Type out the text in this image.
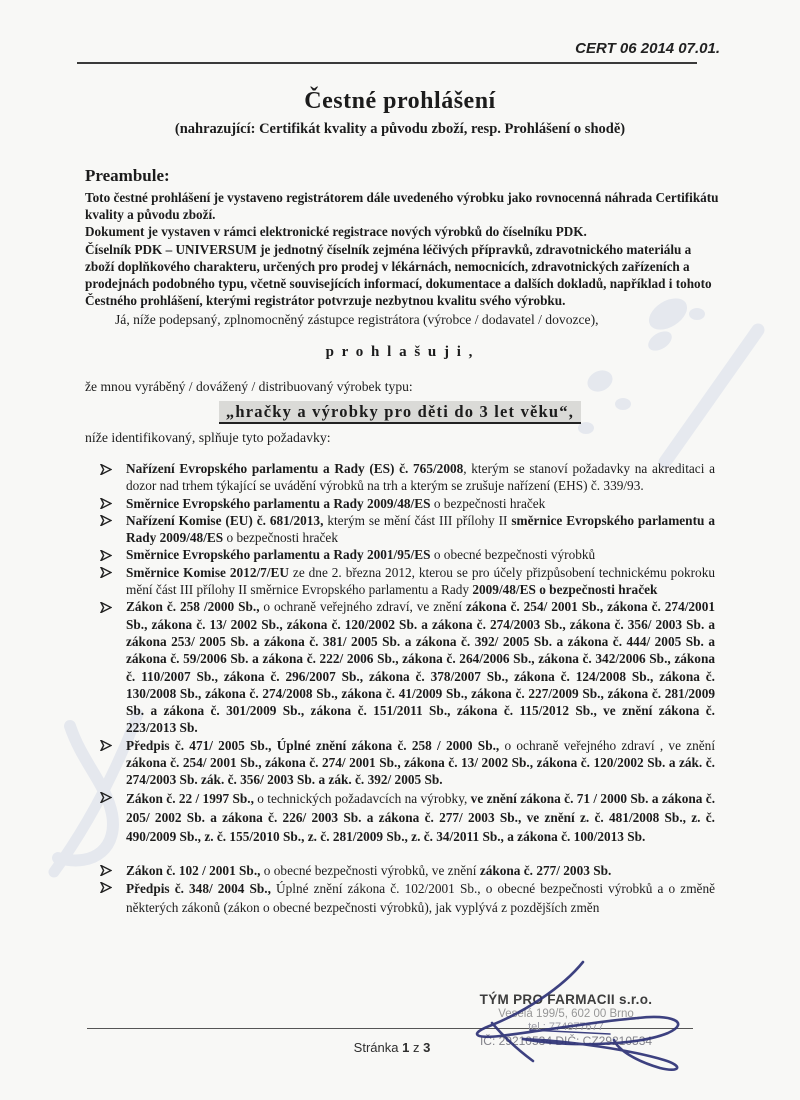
CERT 06 2014 07.01.
Čestné prohlášení
(nahrazující: Certifikát kvality a původu zboží, resp. Prohlášení o shodě)
Preambule:
Toto čestné prohlášení je vystaveno registrátorem dále uvedeného výrobku jako rovnocenná náhrada Certifikátu kvality a původu zboží.
Dokument je vystaven v rámci elektronické registrace nových výrobků do číselníku PDK.
Číselník PDK – UNIVERSUM je jednotný číselník zejména léčivých přípravků, zdravotnického materiálu a zboží doplňkového charakteru, určených pro prodej v lékárnách, nemocnicích, zdravotnických zařízeních a prodejnách podobného typu, včetně souvisejících informací, dokumentace a dalších dokladů, například i tohoto Čestného prohlášení, kterými registrátor potvrzuje nezbytnou kvalitu svého výrobku.

Já, níže podepsaný, zplnomocněný zástupce registrátora (výrobce / dodavatel / dovozce),

p r o h l a š u j i ,

že mnou vyráběný / dovážený / distribuovaný výrobek typu:

„hračky a výrobky pro děti do 3 let věku“,

níže identifikovaný, splňuje tyto požadavky:

Nařízení Evropského parlamentu a Rady (ES) č. 765/2008, kterým se stanoví požadavky na akreditaci a dozor nad trhem týkající se uvádění výrobků na trh a kterým se zrušuje nařízení (EHS) č. 339/93.
Směrnice Evropského parlamentu a Rady 2009/48/ES o bezpečnosti hraček
Nařízení Komise (EU) č. 681/2013, kterým se mění část III přílohy II směrnice Evropského parlamentu a Rady 2009/48/ES o bezpečnosti hraček
Směrnice Evropského parlamentu a Rady 2001/95/ES o obecné bezpečnosti výrobků
Směrnice Komise 2012/7/EU ze dne 2. března 2012, kterou se pro účely přizpůsobení technickému pokroku mění část III přílohy II směrnice Evropského parlamentu a Rady 2009/48/ES o bezpečnosti hraček
Zákon č. 258 /2000 Sb., o ochraně veřejného zdraví, ve znění zákona č. 254/ 2001 Sb., zákona č. 274/2001 Sb., zákona č. 13/ 2002 Sb., zákona č. 120/2002 Sb. a zákona č. 274/2003 Sb., zákona č. 356/ 2003 Sb. a zákona 253/ 2005 Sb. a zákona č. 381/ 2005 Sb. a zákona č. 392/ 2005 Sb. a zákona č. 444/ 2005 Sb. a zákona č. 59/2006 Sb. a zákona č. 222/ 2006 Sb., zákona č. 264/2006 Sb., zákona č. 342/2006 Sb., zákona č. 110/2007 Sb., zákona č. 296/2007 Sb., zákona č. 378/2007 Sb., zákona č. 124/2008 Sb., zákona č. 130/2008 Sb., zákona č. 274/2008 Sb., zákona č. 41/2009 Sb., zákona č. 227/2009 Sb., zákona č. 281/2009 Sb. a zákona č. 301/2009 Sb., zákona č. 151/2011 Sb., zákona č. 115/2012 Sb., ve znění zákona č. 223/2013 Sb.
Předpis č. 471/ 2005 Sb., Úplné znění zákona č. 258 / 2000 Sb., o ochraně veřejného zdraví , ve znění zákona č. 254/ 2001 Sb., zákona č. 274/ 2001 Sb., zákona č. 13/ 2002 Sb., zákona č. 120/2002 Sb. a zák. č. 274/2003 Sb. zák. č. 356/ 2003 Sb. a zák. č. 392/ 2005 Sb.
Zákon č. 22 / 1997 Sb., o technických požadavcích na výrobky, ve znění zákona č. 71 / 2000 Sb. a zákona č. 205/ 2002 Sb. a zákona č. 226/ 2003 Sb. a zákona č. 277/ 2003 Sb., ve znění z. č. 481/2008 Sb., z. č. 490/2009 Sb., z. č. 155/2010 Sb., z. č. 281/2009 Sb., z. č. 34/2011 Sb., a zákona č. 100/2013 Sb.
Zákon č. 102 / 2001 Sb., o obecné bezpečnosti výrobků, ve znění zákona č. 277/ 2003 Sb.
Předpis č. 348/ 2004 Sb., Úplné znění zákona č. 102/2001 Sb., o obecné bezpečnosti výrobků a o změně některých zákonů (zákon o obecné bezpečnosti výrobků), jak vyplývá z pozdějších změn
TÝM PRO FARMACII s.r.o.
Veselá 199/5, 602 00 Brno
tel.: 774877677
IČ: 29210534 DIČ: CZ29210534
Stránka 1 z 3
